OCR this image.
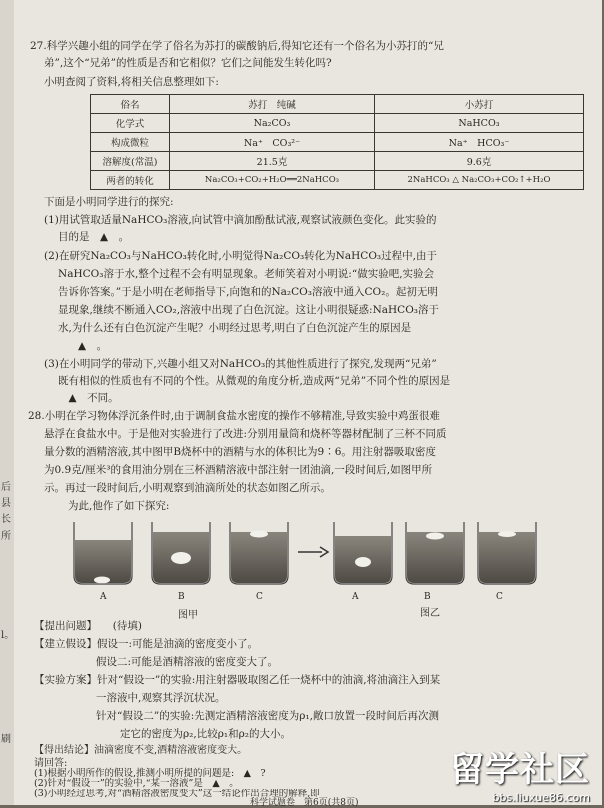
后
县
长
所
l。
刷
27.科学兴趣小组的同学在学了俗名为苏打的碳酸钠后,得知它还有一个俗名为小苏打的“兄
弟”,这个“兄弟”的性质是否和它相似？它们之间能发生转化吗?
小明查阅了资料,将相关信息整理如下:
俗名	苏打　纯碱	小苏打
化学式	Na₂CO₃	NaHCO₃
构成微粒	Na⁺　CO₃²⁻	Na⁺　HCO₃⁻
溶解度(常温)	21.5克	9.6克
两者的转化	Na₂CO₃+CO₂+H₂O══2NaHCO₃	2NaHCO₃ △ Na₂CO₃+CO₂↑+H₂O
下面是小明同学进行的探究:
(1)用试管取适量NaHCO₃溶液,向试管中滴加酚酞试液,观察试液颜色变化。此实验的
目的是　▲　。
(2)在研究Na₂CO₃与NaHCO₃转化时,小明觉得Na₂CO₃转化为NaHCO₃过程中,由于
NaHCO₃溶于水,整个过程不会有明显现象。老师笑着对小明说:“做实验吧,实验会
告诉你答案。”于是小明在老师指导下,向饱和的Na₂CO₃溶液中通入CO₂。起初无明
显现象,继续不断通入CO₂,溶液中出现了白色沉淀。这让小明很疑惑:NaHCO₃溶于
水,为什么还有白色沉淀产生呢？小明经过思考,明白了白色沉淀产生的原因是
▲　。
(3)在小明同学的带动下,兴趣小组又对NaHCO₃的其他性质进行了探究,发现两“兄弟”
既有相似的性质也有不同的个性。从微观的角度分析,造成两“兄弟”不同个性的原因是
　▲　不同。
28.小明在学习物体浮沉条件时,由于调制食盐水密度的操作不够精准,导致实验中鸡蛋很难
悬浮在食盐水中。于是他对实验进行了改进:分别用量筒和烧杯等器材配制了三杯不同质
量分数的酒精溶液,其中图甲B烧杯中的酒精与水的体积比为9∶6。用注射器吸取密度
为0.9克/厘米³的食用油分别在三杯酒精溶液中部注射一团油滴,一段时间后,如图甲所
示。再过一段时间后,小明观察到油滴所处的状态如图乙所示。
为此,他作了如下探究:
A	B	C	A	B	C
图甲	图乙
【提出问题】　　(待填)
【建立假设】假设一:可能是油滴的密度变小了。
假设二:可能是酒精溶液的密度变大了。
【实验方案】针对“假设一”的实验:用注射器吸取图乙任一烧杯中的油滴,将油滴注入到某
一溶液中,观察其浮沉状况。
针对“假设二”的实验:先测定酒精溶液密度为ρ₁,敞口放置一段时间后再次测
定它的密度为ρ₂,比较ρ₁和ρ₂的大小。
【得出结论】油滴密度不变,酒精溶液密度变大。
请回答:
(1)根据小明所作的假设,推测小明所提的问题是:　▲　?
(2)针对“假设一”的实验中,“某一溶液”是　▲　。
(3)小明经过思考,对“酒精溶液密度变大”这一结论作出合理的解释,即　
科学试题卷　第6页(共8页)
留学社区
bbs.liuxue86.com
